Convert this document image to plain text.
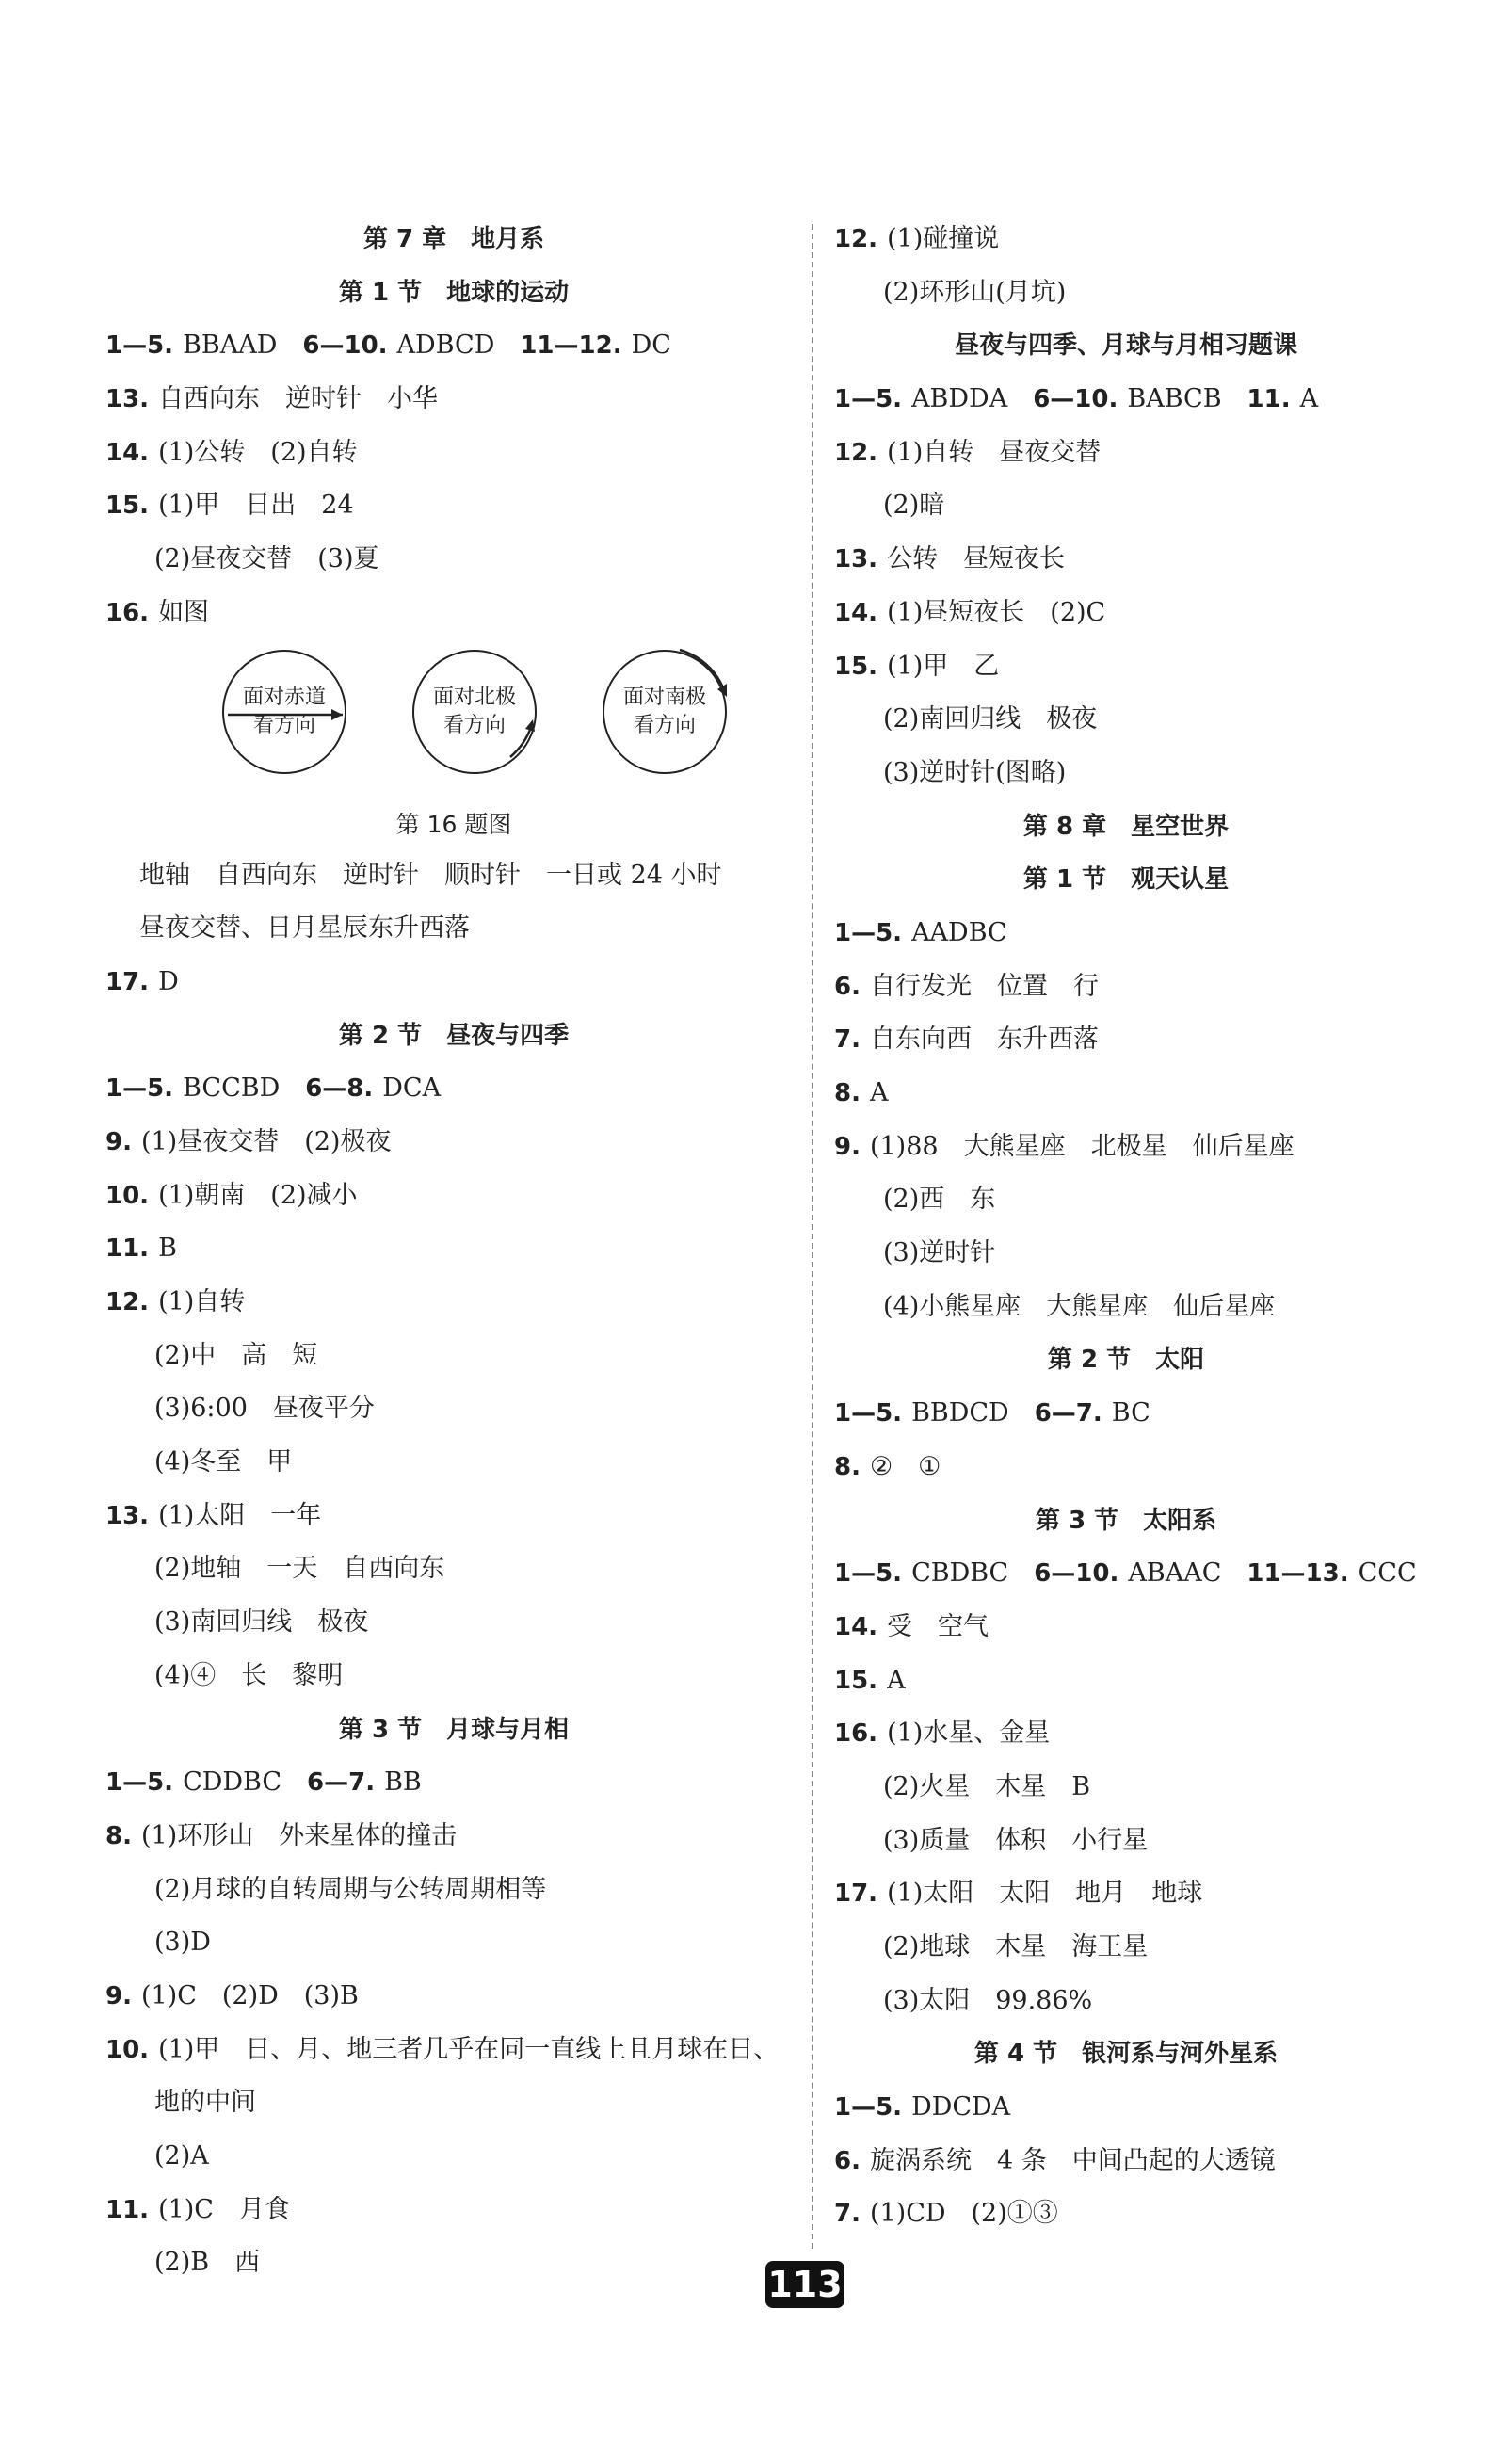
第 7 章　地月系
第 1 节　地球的运动
1—5. BBAAD　6—10. ADBCD　11—12. DC
13. 自西向东　逆时针　小华
14. (1)公转　(2)自转
15. (1)甲　日出　24
(2)昼夜交替　(3)夏
16. 如图
面对赤道
看方向
面对北极
看方向
面对南极
看方向
第 16 题图
地轴　自西向东　逆时针　顺时针　一日或 24 小时
昼夜交替、日月星辰东升西落
17. D
第 2 节　昼夜与四季
1—5. BCCBD　6—8. DCA
9. (1)昼夜交替　(2)极夜
10. (1)朝南　(2)减小
11. B
12. (1)自转
(2)中　高　短
(3)6:00　昼夜平分
(4)冬至　甲
13. (1)太阳　一年
(2)地轴　一天　自西向东
(3)南回归线　极夜
(4)④　长　黎明
第 3 节　月球与月相
1—5. CDDBC　6—7. BB
8. (1)环形山　外来星体的撞击
(2)月球的自转周期与公转周期相等
(3)D
9. (1)C　(2)D　(3)B
10. (1)甲　日、月、地三者几乎在同一直线上且月球在日、
地的中间
(2)A
11. (1)C　月食
(2)B　西
12. (1)碰撞说
(2)环形山(月坑)
昼夜与四季、月球与月相习题课
1—5. ABDDA　6—10. BABCB　11. A
12. (1)自转　昼夜交替
(2)暗
13. 公转　昼短夜长
14. (1)昼短夜长　(2)C
15. (1)甲　乙
(2)南回归线　极夜
(3)逆时针(图略)
第 8 章　星空世界
第 1 节　观天认星
1—5. AADBC
6. 自行发光　位置　行
7. 自东向西　东升西落
8. A
9. (1)88　大熊星座　北极星　仙后星座
(2)西　东
(3)逆时针
(4)小熊星座　大熊星座　仙后星座
第 2 节　太阳
1—5. BBDCD　6—7. BC
8. ②　①
第 3 节　太阳系
1—5. CBDBC　6—10. ABAAC　11—13. CCC
14. 受　空气
15. A
16. (1)水星、金星
(2)火星　木星　B
(3)质量　体积　小行星
17. (1)太阳　太阳　地月　地球
(2)地球　木星　海王星
(3)太阳　99.86%
第 4 节　银河系与河外星系
1—5. DDCDA
6. 旋涡系统　4 条　中间凸起的大透镜
7. (1)CD　(2)①③
113
